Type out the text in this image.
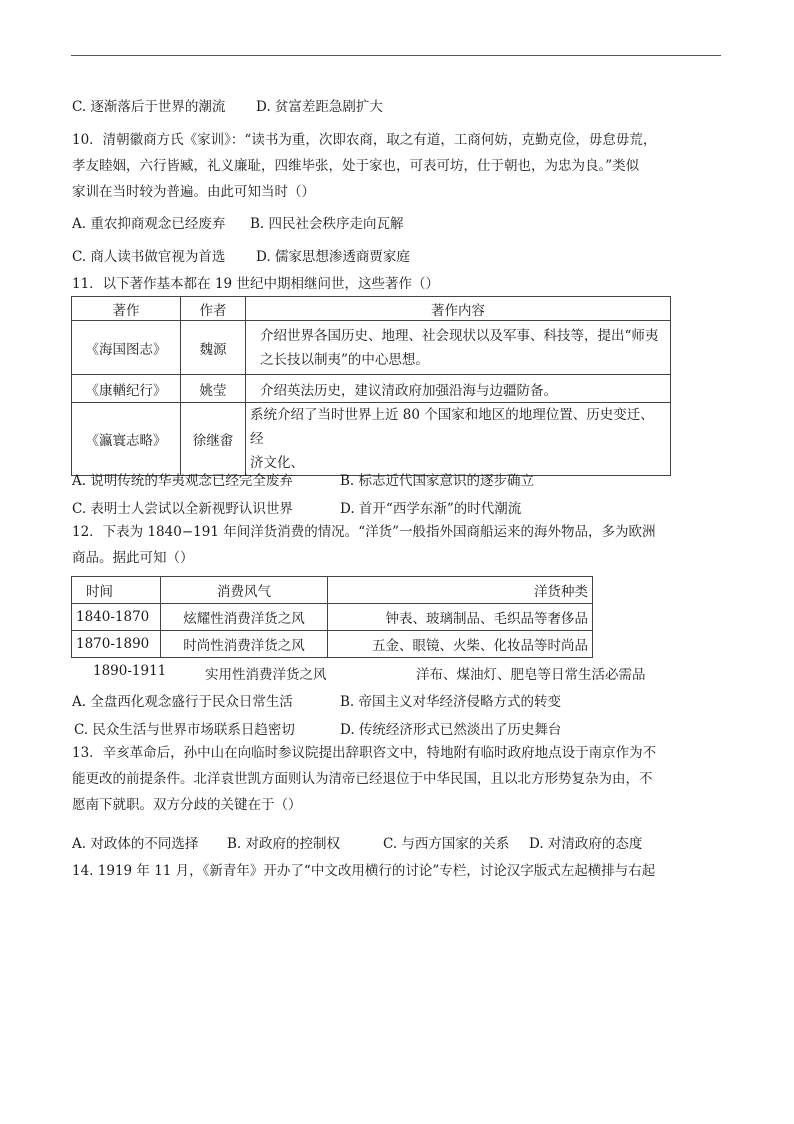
C. 逐渐落后于世界的潮流 D. 贫富差距急剧扩大
10．清朝徽商方氏《家训》：“读书为重，次即农商，取之有道，工商何妨，克勤克俭，毋怠毋荒，
孝友睦姻，六行皆臧，礼义廉耻，四维毕张，处于家也，可表可坊，仕于朝也，为忠为良。”类似
家训在当时较为普遍。由此可知当时（）
A. 重农抑商观念已经废弃 B. 四民社会秩序走向瓦解
C. 商人读书做官视为首选 D. 儒家思想渗透商贾家庭
11．以下著作基本都在 19 世纪中期相继问世，这些著作（）
著作	作者	著作内容
《海国图志》	魏源	介绍世界各国历史、地理、社会现状以及军事、科技等，提出“师夷
之长技以制夷”的中心思想。

《康輶纪行》	姚莹	介绍英法历史，建议清政府加强沿海与边疆防备。
《瀛寰志略》	徐继畬	系统介绍了当时世界上近 80 个国家和地区的地理位置、历史变迁、经
济文化、
A. 说明传统的华夷观念已经完全废弃	B. 标志近代国家意识的逐步确立
C. 表明士人尝试以全新视野认识世界	D. 首开“西学东渐”的时代潮流
12．下表为 1840−191 年间洋货消费的情况。“洋货”一般指外国商船运来的海外物品，多为欧洲
商品。据此可知（）
时间	消费风气	洋货种类
1840-1870	炫耀性消费洋货之风	钟表、玻璃制品、毛织品等奢侈品
1870-1890	时尚性消费洋货之风	五金、眼镜、火柴、化妆品等时尚品
1890-1911	实用性消费洋货之风	洋布、煤油灯、肥皂等日常生活必需品
A. 全盘西化观念盛行于民众日常生活	B. 帝国主义对华经济侵略方式的转变
C. 民众生活与世界市场联系日趋密切	D. 传统经济形式已然淡出了历史舞台
13．辛亥革命后，孙中山在向临时参议院提出辞职咨文中，特地附有临时政府地点设于南京作为不
能更改的前提条件。北洋袁世凯方面则认为清帝已经退位于中华民国，且以北方形势复杂为由，不
愿南下就职。双方分歧的关键在于（）
A. 对政体的不同选择 B. 对政府的控制权	C. 与西方国家的关系 D. 对清政府的态度
14. 1919 年 11 月，《新青年》开办了“中文改用横行的讨论”专栏，讨论汉字版式左起横排与右起
